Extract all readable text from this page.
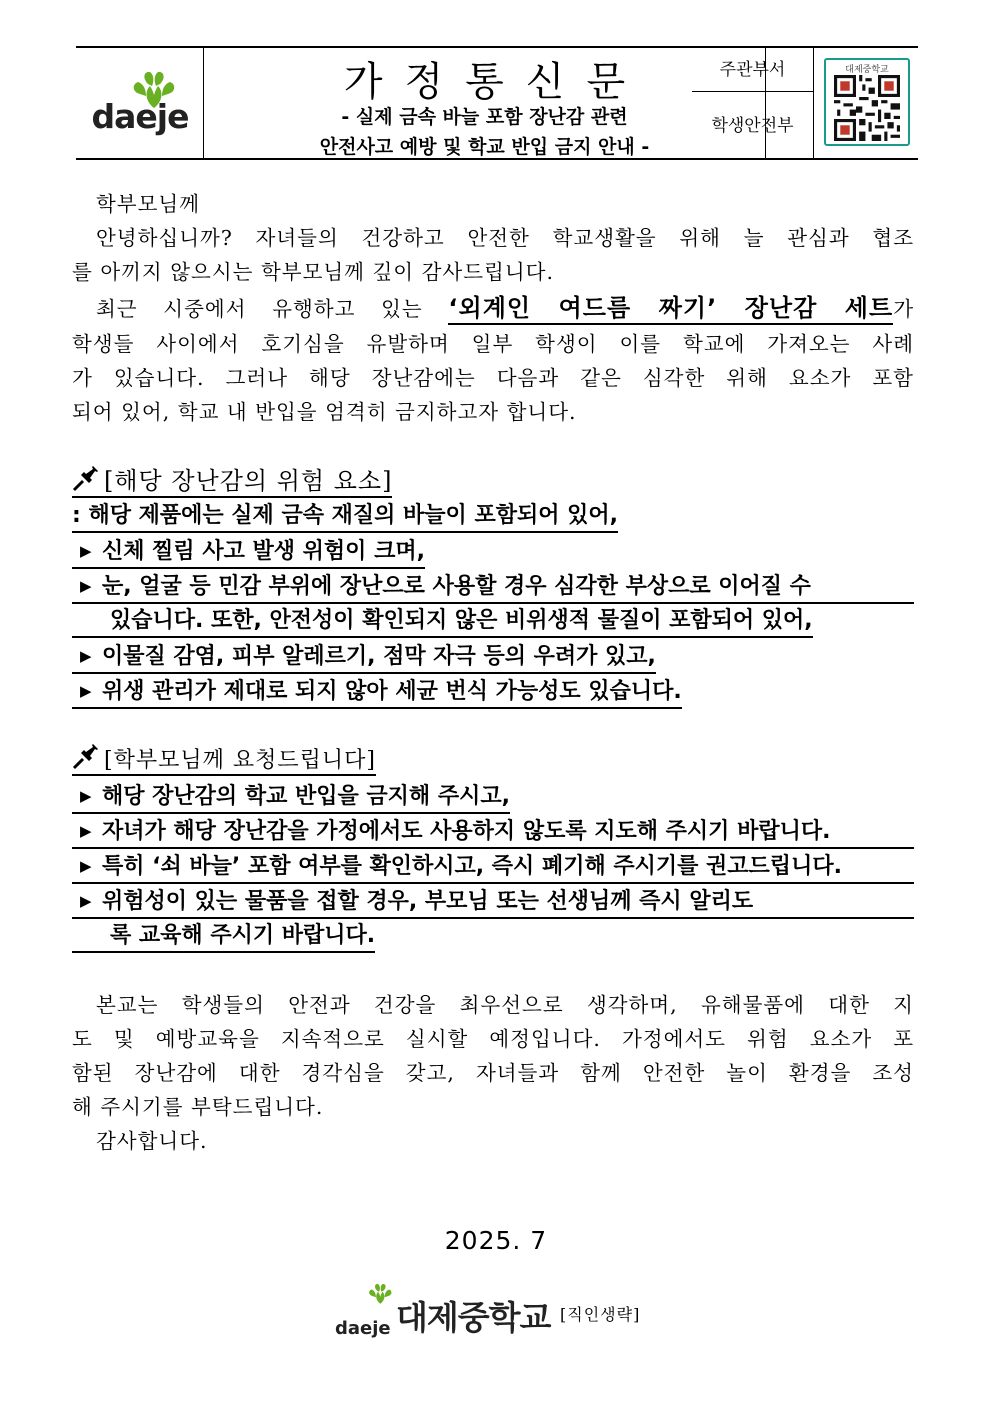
daeje
가정통신문
- 실제 금속 바늘 포함 장난감 관련
안전사고 예방 및 학교 반입 금지 안내 -
주관부서
학생안전부
대제중학교
학부모님께
안녕하십니까? 자녀들의 건강하고 안전한 학교생활을 위해 늘 관심과 협조
를 아끼지 않으시는 학부모님께 깊이 감사드립니다.
최근 시중에서 유행하고 있는 ‘외계인 여드름 짜기’ 장난감 세트가
학생들 사이에서 호기심을 유발하며 일부 학생이 이를 학교에 가져오는 사례
가 있습니다. 그러나 해당 장난감에는 다음과 같은 심각한 위해 요소가 포함
되어 있어, 학교 내 반입을 엄격히 금지하고자 합니다.
[해당 장난감의 위험 요소]
: 해당 제품에는 실제 금속 재질의 바늘이 포함되어 있어,
▶ 신체 찔림 사고 발생 위험이 크며,
▶ 눈, 얼굴 등 민감 부위에 장난으로 사용할 경우 심각한 부상으로 이어질 수
있습니다. 또한, 안전성이 확인되지 않은 비위생적 물질이 포함되어 있어,
▶ 이물질 감염, 피부 알레르기, 점막 자극 등의 우려가 있고,
▶ 위생 관리가 제대로 되지 않아 세균 번식 가능성도 있습니다.
[학부모님께 요청드립니다]
▶ 해당 장난감의 학교 반입을 금지해 주시고,
▶ 자녀가 해당 장난감을 가정에서도 사용하지 않도록 지도해 주시기 바랍니다.
▶ 특히 ‘쇠 바늘’ 포함 여부를 확인하시고, 즉시 폐기해 주시기를 권고드립니다.
▶ 위험성이 있는 물품을 접할 경우, 부모님 또는 선생님께 즉시 알리도
록 교육해 주시기 바랍니다.
본교는 학생들의 안전과 건강을 최우선으로 생각하며, 유해물품에 대한 지
도 및 예방교육을 지속적으로 실시할 예정입니다. 가정에서도 위험 요소가 포
함된 장난감에 대한 경각심을 갖고, 자녀들과 함께 안전한 놀이 환경을 조성
해 주시기를 부탁드립니다.
감사합니다.
2025. 7
daeje 대제중학교 [직인생략]
